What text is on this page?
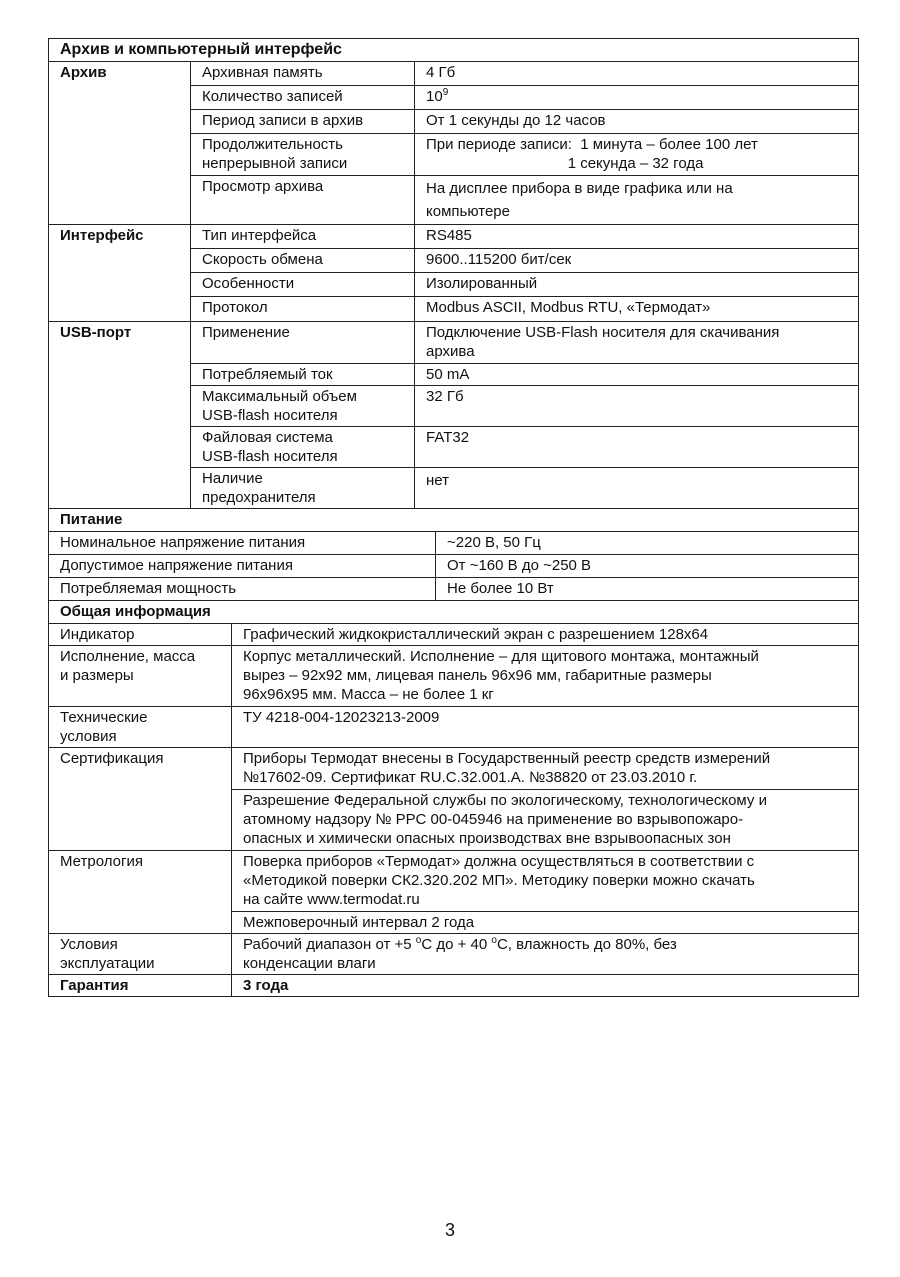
Архив и компьютерный интерфейс				
Архив	Архивная память		4 Гб	
	Количество записей		$10^9$
	Период записи в архив		От 1 секунды до 12 часов	
	Продолжительность
непрерывной записи		При периоде записи:  1 минута – более 100 лет
1 секунда – 32 года	
	Просмотр архива		На дисплее прибора в виде графика или на
компьютере	
Интерфейс	Тип интерфейса		RS485	
	Скорость обмена		9600..115200 бит/сек	
	Особенности		Изолированный	
	Протокол		Modbus ASCII, Modbus RTU, «Термодат»	
USB-порт	Применение		Подключение USB-Flash носителя для скачивания
архива	
	Потребляемый ток		50 mA	
	Максимальный объем
USB-flash носителя		32 Гб	
	Файловая система
USB-flash носителя		FAT32	
	Наличие
предохранителя		нет	
Питание				
Номинальное напряжение питания				~220 В, 50 Гц
Допустимое напряжение питания				От ~160 В до ~250 В
Потребляемая мощность				Не более 10 Вт
Общая информация				
Индикатор		Графический жидкокристаллический экран с разрешением 128х64		
Исполнение, масса
и размеры		Корпус металлический. Исполнение – для щитового монтажа, монтажный
вырез – 92х92 мм, лицевая панель 96х96 мм, габаритные размеры
96х96х95 мм. Масса – не более 1 кг		
Технические
условия		ТУ 4218-004-12023213-2009		
Сертификация		Приборы Термодат внесены в Государственный реестр средств измерений
№17602-09. Сертификат RU.C.32.001.A. №38820 от 23.03.2010 г.		
		Разрешение Федеральной службы по экологическому, технологическому и
атомному надзору № РРС 00-045946 на применение во взрывопожаро-
опасных и химически опасных производствах вне взрывоопасных зон		
Метрология		Поверка приборов «Термодат» должна осуществляться в соответствии с
«Методикой поверки СК2.320.202 МП». Методику поверки можно скачать
на сайте www.termodat.ru		
		Межповерочный интервал 2 года		
Условия
эксплуатации		Рабочий диапазон от +5 $^o$С до + 40 $^o$С, влажность до 80%, без
конденсации влаги		
Гарантия		3 года		
3
